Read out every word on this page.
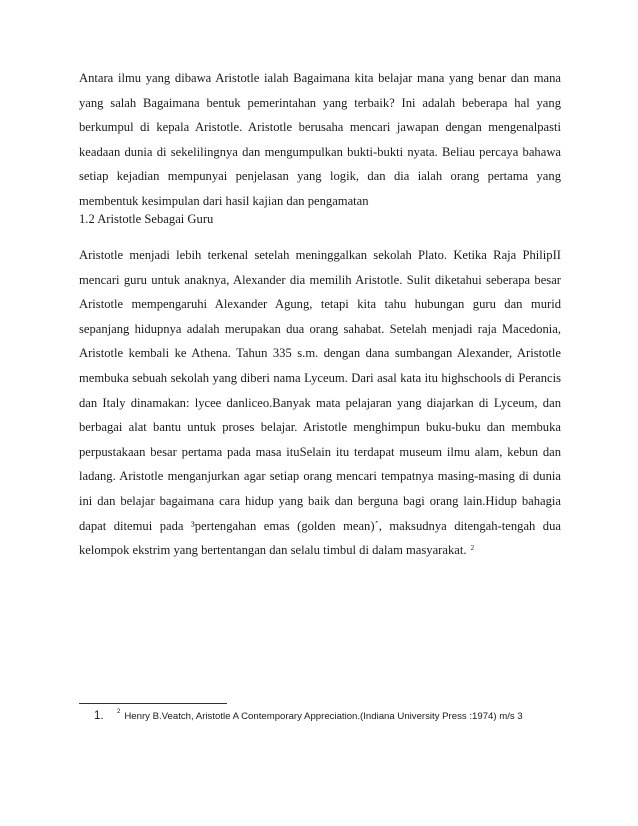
Antara ilmu yang dibawa Aristotle ialah Bagaimana kita belajar mana yang benar dan mana yang salah Bagaimana bentuk pemerintahan yang terbaik? Ini adalah beberapa hal yang berkumpul di kepala Aristotle. Aristotle berusaha mencari jawapan dengan mengenalpasti keadaan dunia di sekelilingnya dan mengumpulkan bukti-bukti nyata. Beliau percaya bahawa setiap kejadian mempunyai penjelasan yang logik, dan dia ialah orang pertama yang membentuk kesimpulan dari hasil kajian dan pengamatan

1.2 Aristotle Sebagai Guru

Aristotle menjadi lebih terkenal setelah meninggalkan sekolah Plato. Ketika Raja PhilipII mencari guru untuk anaknya, Alexander dia memilih Aristotle. Sulit diketahui seberapa besar Aristotle mempengaruhi Alexander Agung, tetapi kita tahu hubungan guru dan murid sepanjang hidupnya adalah merupakan dua orang sahabat. Setelah menjadi raja Macedonia, Aristotle kembali ke Athena. Tahun 335 s.m. dengan dana sumbangan Alexander, Aristotle membuka sebuah sekolah yang diberi nama Lyceum. Dari asal kata itu highschools di Perancis dan Italy dinamakan: lycee danliceo.Banyak mata pelajaran yang diajarkan di Lyceum, dan berbagai alat bantu untuk proses belajar. Aristotle menghimpun buku-buku dan membuka perpustakaan besar pertama pada masa ituSelain itu terdapat museum ilmu alam, kebun dan ladang. Aristotle menganjurkan agar setiap orang mencari tempatnya masing-masing di dunia ini dan belajar bagaimana cara hidup yang baik dan berguna bagi orang lain.Hidup bahagia dapat ditemui pada ³pertengahan emas (golden mean)´, maksudnya ditengah-tengah dua kelompok ekstrim yang bertentangan dan selalu timbul di dalam masyarakat. $^2$

1. $^2$ Henry B.Veatch, Aristotle A Contemporary Appreciation.(Indiana University Press :1974) m/s 3
